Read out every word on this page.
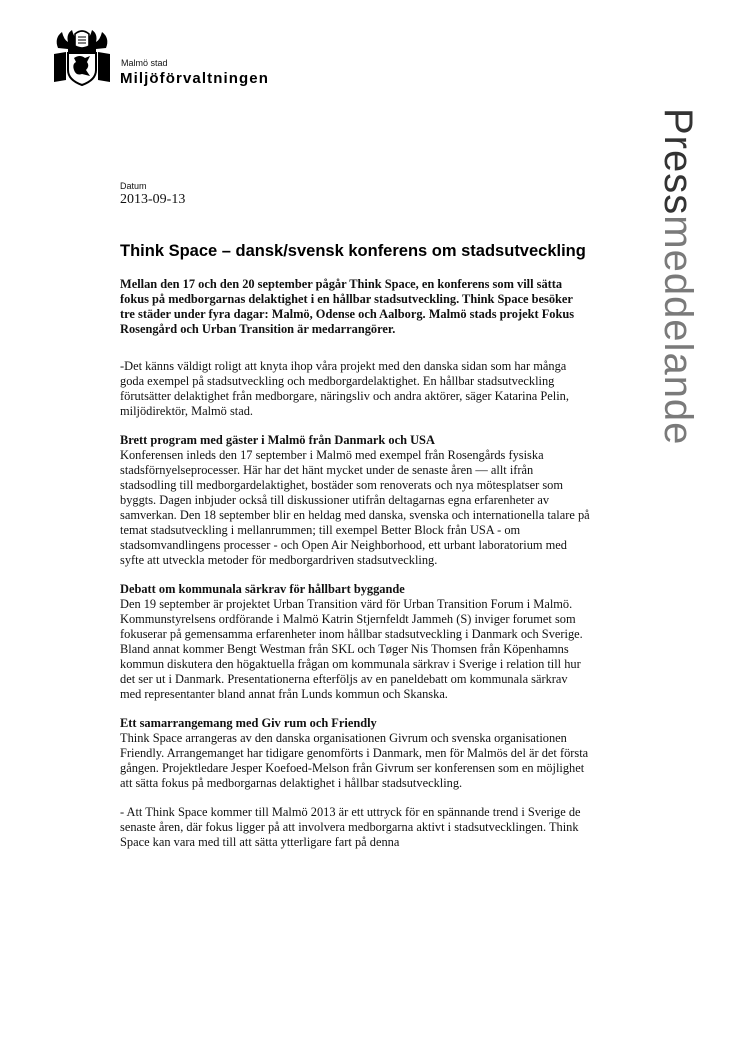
Malmö stad
Miljöförvaltningen
Pressmeddelande
Datum
2013-09-13
Think Space – dansk/svensk konferens om stadsutveckling

Mellan den 17 och den 20 september pågår Think Space, en konferens som vill sätta fokus på medborgarnas delaktighet i en hållbar stadsutveckling. Think Space besöker tre städer under fyra dagar: Malmö, Odense och Aalborg. Malmö stads projekt Fokus Rosengård och Urban Transition är medarrangörer.

-Det känns väldigt roligt att knyta ihop våra projekt med den danska sidan som har många goda exempel på stadsutveckling och medborgardelaktighet. En hållbar stadsutveckling förutsätter delaktighet från medborgare, näringsliv och andra aktörer, säger Katarina Pelin, miljödirektör, Malmö stad.

Brett program med gäster i Malmö från Danmark och USA

Konferensen inleds den 17 september i Malmö med exempel från Rosengårds fysiska stadsförnyelseprocesser. Här har det hänt mycket under de senaste åren — allt ifrån stadsodling till medborgardelaktighet, bostäder som renoverats och nya mötesplatser som byggts. Dagen inbjuder också till diskussioner utifrån deltagarnas egna erfarenheter av samverkan. Den 18 september blir en heldag med danska, svenska och internationella talare på temat stadsutveckling i mellanrummen; till exempel Better Block från USA - om stadsomvandlingens processer - och Open Air Neighborhood, ett urbant laboratorium med syfte att utveckla metoder för medborgardriven stadsutveckling.

Debatt om kommunala särkrav för hållbart byggande

Den 19 september är projektet Urban Transition värd för Urban Transition Forum i Malmö. Kommunstyrelsens ordförande i Malmö Katrin Stjernfeldt Jammeh (S) inviger forumet som fokuserar på gemensamma erfarenheter inom hållbar stadsutveckling i Danmark och Sverige. Bland annat kommer Bengt Westman från SKL och Tøger Nis Thomsen från Köpenhamns kommun diskutera den högaktuella frågan om kommunala särkrav i Sverige i relation till hur det ser ut i Danmark. Presentationerna efterföljs av en paneldebatt om kommunala särkrav med representanter bland annat från Lunds kommun och Skanska.

Ett samarrangemang med Giv rum och Friendly

Think Space arrangeras av den danska organisationen Givrum och svenska organisationen Friendly. Arrangemanget har tidigare genomförts i Danmark, men för Malmös del är det första gången. Projektledare Jesper Koefoed-Melson från Givrum ser konferensen som en möjlighet att sätta fokus på medborgarnas delaktighet i hållbar stadsutveckling.

- Att Think Space kommer till Malmö 2013 är ett uttryck för en spännande trend i Sverige de senaste åren, där fokus ligger på att involvera medborgarna aktivt i stadsutvecklingen. Think Space kan vara med till att sätta ytterligare fart på denna
